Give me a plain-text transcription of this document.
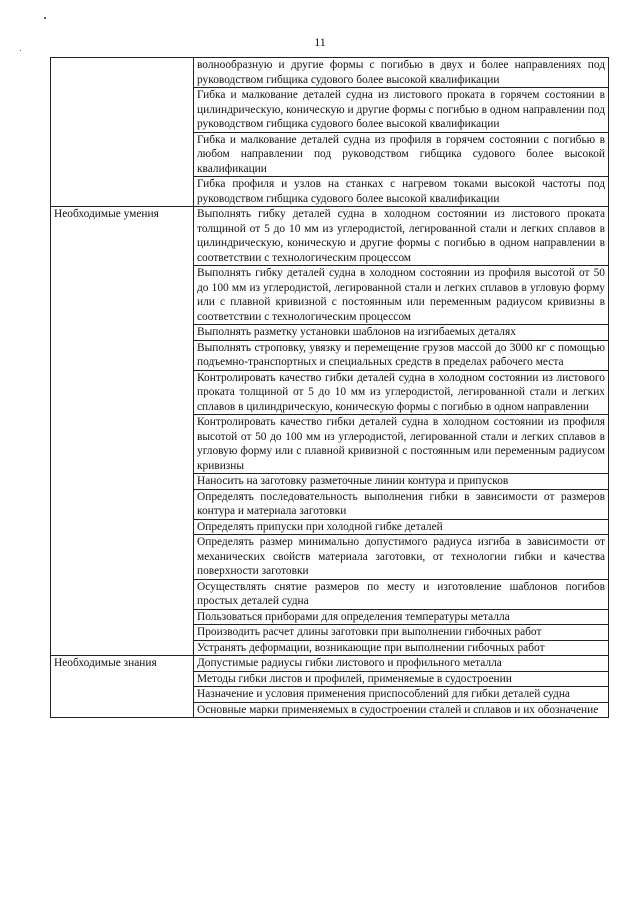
11
	волнообразную и другие формы с погибью в двух и более направлениях под руководством гибщика судового более высокой квалификации
	Гибка и малкование деталей судна из листового проката в горячем состоянии в цилиндрическую, коническую и другие формы с погибью в одном направлении под руководством гибщика судового более высокой квалификации
	Гибка и малкование деталей судна из профиля в горячем состоянии с погибью в любом направлении под руководством гибщика судового более высокой квалификации
	Гибка профиля и узлов на станках с нагревом токами высокой частоты под руководством гибщика судового более высокой квалификации
Необходимые умения	Выполнять гибку деталей судна в холодном состоянии из листового проката толщиной от 5 до 10 мм из углеродистой, легированной стали и легких сплавов в цилиндрическую, коническую и другие формы с погибью в одном направлении в соответствии с технологическим процессом
	Выполнять гибку деталей судна в холодном состоянии из профиля высотой от 50 до 100 мм из углеродистой, легированной стали и легких сплавов в угловую форму или с плавной кривизной с постоянным или переменным радиусом кривизны в соответствии с технологическим процессом
	Выполнять разметку установки шаблонов на изгибаемых деталях
	Выполнять строповку, увязку и перемещение грузов массой до 3000 кг с помощью подъемно-транспортных и специальных средств в пределах рабочего места
	Контролировать качество гибки деталей судна в холодном состоянии из листового проката толщиной от 5 до 10 мм из углеродистой, легированной стали и легких сплавов в цилиндрическую, коническую формы с погибью в одном направлении
	Контролировать качество гибки деталей судна в холодном состоянии из профиля высотой от 50 до 100 мм из углеродистой, легированной стали и легких сплавов в угловую форму или с плавной кривизной с постоянным или переменным радиусом кривизны
	Наносить на заготовку разметочные линии контура и припусков
	Определять последовательность выполнения гибки в зависимости от размеров контура и материала заготовки
	Определять припуски при холодной гибке деталей
	Определять размер минимально допустимого радиуса изгиба в зависимости от механических свойств материала заготовки, от технологии гибки и качества поверхности заготовки
	Осуществлять снятие размеров по месту и изготовление шаблонов погибов простых деталей судна
	Пользоваться приборами для определения температуры металла
	Производить расчет длины заготовки при выполнении гибочных работ
	Устранять деформации, возникающие при выполнении гибочных работ
Необходимые знания	Допустимые радиусы гибки листового и профильного металла
	Методы гибки листов и профилей, применяемые в судостроении
	Назначение и условия применения приспособлений для гибки деталей судна
	Основные марки применяемых в судостроении сталей и сплавов и их обозначение
